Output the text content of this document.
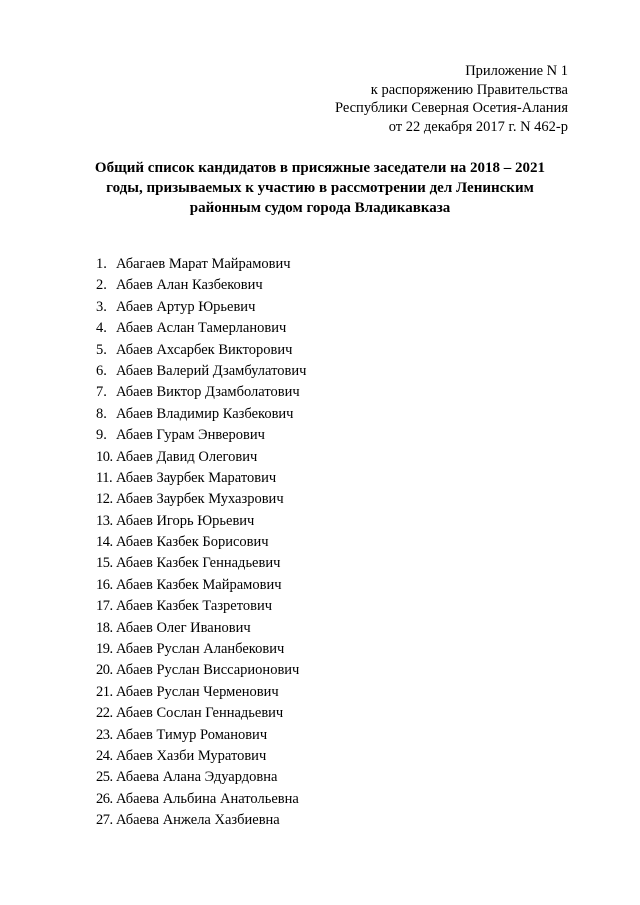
Приложение N 1
к распоряжению Правительства
Республики Северная Осетия-Алания
от 22 декабря 2017 г. N 462-р
Общий список кандидатов в присяжные заседатели на 2018 – 2021
годы, призываемых к участию в рассмотрении дел Ленинским
районным судом города Владикавказа
1. Абагаев Марат Майрамович
2. Абаев Алан Казбекович
3. Абаев Артур Юрьевич
4. Абаев Аслан Тамерланович
5. Абаев Ахсарбек Викторович
6. Абаев Валерий Дзамбулатович
7. Абаев Виктор Дзамболатович
8. Абаев Владимир Казбекович
9. Абаев Гурам Энверович
10. Абаев Давид Олегович
11. Абаев Заурбек Маратович
12. Абаев Заурбек Мухазрович
13. Абаев Игорь Юрьевич
14. Абаев Казбек Борисович
15. Абаев Казбек Геннадьевич
16. Абаев Казбек Майрамович
17. Абаев Казбек Тазретович
18. Абаев Олег Иванович
19. Абаев Руслан Аланбекович
20. Абаев Руслан Виссарионович
21. Абаев Руслан Черменович
22. Абаев Сослан Геннадьевич
23. Абаев Тимур Романович
24. Абаев Хазби Муратович
25. Абаева Алана Эдуардовна
26. Абаева Альбина Анатольевна
27. Абаева Анжела Хазбиевна
